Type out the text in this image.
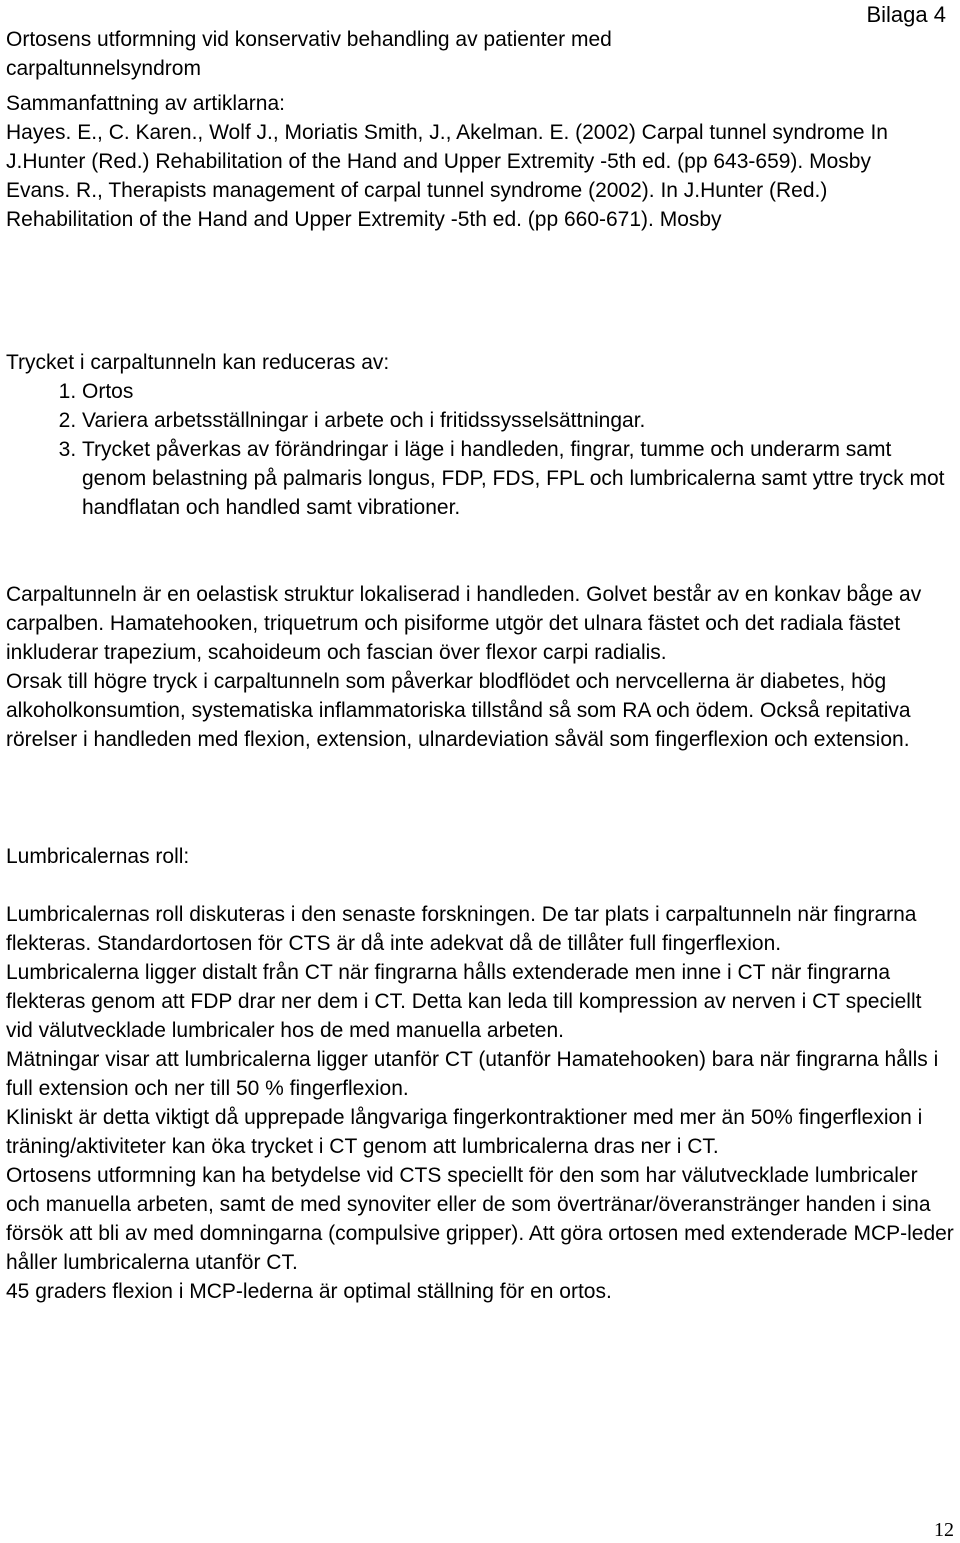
Bilaga 4
Ortosens utformning vid konservativ behandling av patienter med carpaltunnelsyndrom

Sammanfattning av artiklarna:

Hayes. E., C. Karen., Wolf J., Moriatis Smith, J., Akelman. E. (2002) Carpal tunnel syndrome In J.Hunter (Red.) Rehabilitation of the Hand and Upper Extremity -5th ed. (pp 643-659). Mosby

Evans. R., Therapists management of carpal tunnel syndrome (2002). In J.Hunter (Red.) Rehabilitation of the Hand and Upper Extremity -5th ed. (pp 660-671). Mosby

Trycket i carpaltunneln kan reduceras av:

1. Ortos
2. Variera arbetsställningar i arbete och i fritidssysselsättningar.
3. Trycket påverkas av förändringar i läge i handleden, fingrar, tumme och underarm samt genom belastning på palmaris longus, FDP, FDS, FPL och lumbricalerna samt yttre tryck mot handflatan och handled samt vibrationer.

Carpaltunneln är en oelastisk struktur lokaliserad i handleden. Golvet består av en konkav båge av carpalben. Hamatehooken, triquetrum och pisiforme utgör det ulnara fästet och det radiala fästet inkluderar trapezium, scahoideum och fascian över flexor carpi radialis.

Orsak till högre tryck i carpaltunneln som påverkar blodflödet och nervcellerna är diabetes, hög alkoholkonsumtion, systematiska inflammatoriska tillstånd så som RA och ödem. Också repitativa rörelser i handleden med flexion, extension, ulnardeviation såväl som fingerflexion och extension.

Lumbricalernas roll:

Lumbricalernas roll diskuteras i den senaste forskningen. De tar plats i carpaltunneln när fingrarna flekteras. Standardortosen för CTS är då inte adekvat då de tillåter full fingerflexion.

Lumbricalerna ligger distalt från CT när fingrarna hålls extenderade men inne i CT när fingrarna flekteras genom att FDP drar ner dem i CT. Detta kan leda till kompression av nerven i CT speciellt vid välutvecklade lumbricaler hos de med manuella arbeten.

Mätningar visar att lumbricalerna ligger utanför CT (utanför Hamatehooken) bara när fingrarna hålls i full extension och ner till 50 % fingerflexion.

Kliniskt är detta viktigt då upprepade långvariga fingerkontraktioner med mer än 50% fingerflexion i träning/aktiviteter kan öka trycket i CT genom att lumbricalerna dras ner i CT.

Ortosens utformning kan ha betydelse vid CTS speciellt för den som har välutvecklade lumbricaler och manuella arbeten, samt de med synoviter eller de som övertränar/överanstränger handen i sina försök att bli av med domningarna (compulsive gripper). Att göra ortosen med extenderade MCP-leder håller lumbricalerna utanför CT.

45 graders flexion i MCP-lederna är optimal ställning för en ortos.

12
